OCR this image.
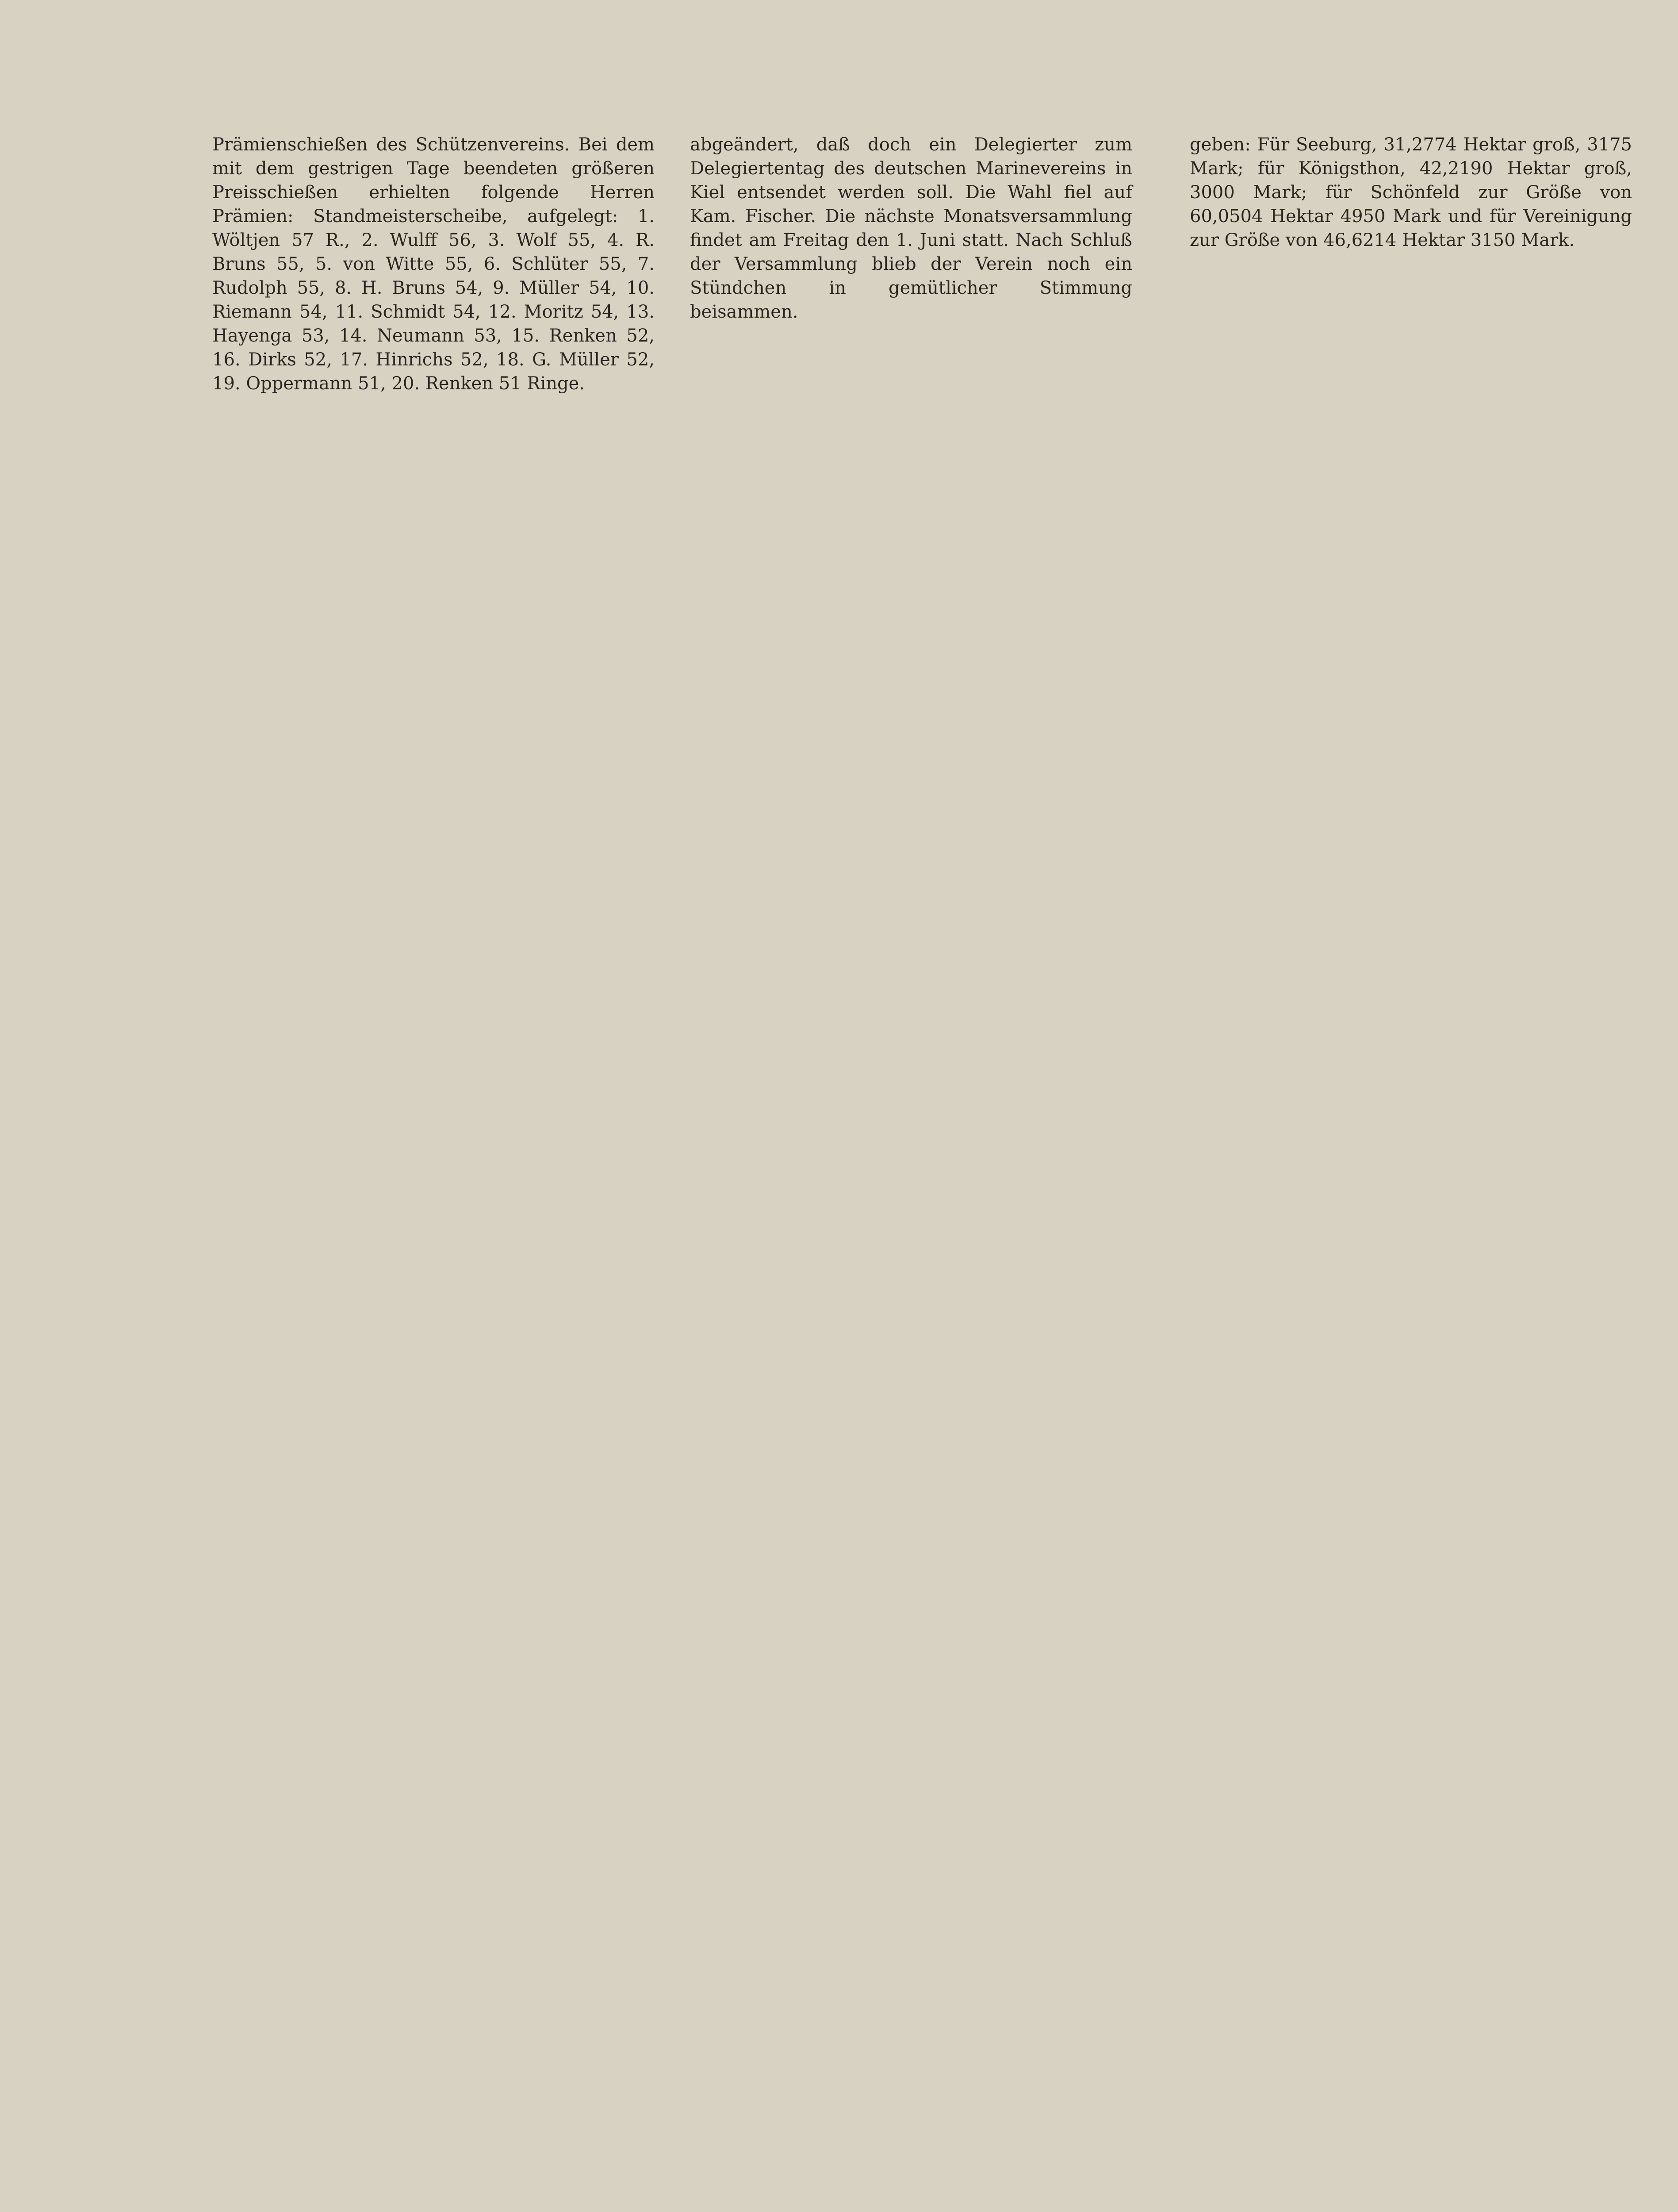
Prämienschießen des Schützenvereins. Bei dem mit dem gestrigen Tage beendeten größeren Preisschießen erhielten folgende Herren Prämien: Standmeisterscheibe, aufgelegt: 1. Wöltjen 57 R., 2. Wulff 56, 3. Wolf 55, 4. R. Bruns 55, 5. von Witte 55, 6. Schlüter 55, 7. Rudolph 55, 8. H. Bruns 54, 9. Müller 54, 10. Riemann 54, 11. Schmidt 54, 12. Moritz 54, 13. Hayenga 53, 14. Neumann 53, 15. Renken 52, 16. Dirks 52, 17. Hinrichs 52, 18. G. Müller 52, 19. Oppermann 51, 20. Renken 51 Ringe.

abgeändert, daß doch ein Delegierter zum Delegiertentag des deutschen Marinevereins in Kiel entsendet werden soll. Die Wahl fiel auf Kam. Fischer. Die nächste Monatsversammlung findet am Freitag den 1. Juni statt. Nach Schluß der Versammlung blieb der Verein noch ein Stündchen in gemütlicher Stimmung beisammen.

geben: Für Seeburg, 31,2774 Hektar groß, 3175 Mark; für Königsthon, 42,2190 Hektar groß, 3000 Mark; für Schönfeld zur Größe von 60,0504 Hektar 4950 Mark und für Vereinigung zur Größe von 46,6214 Hektar 3150 Mark.
